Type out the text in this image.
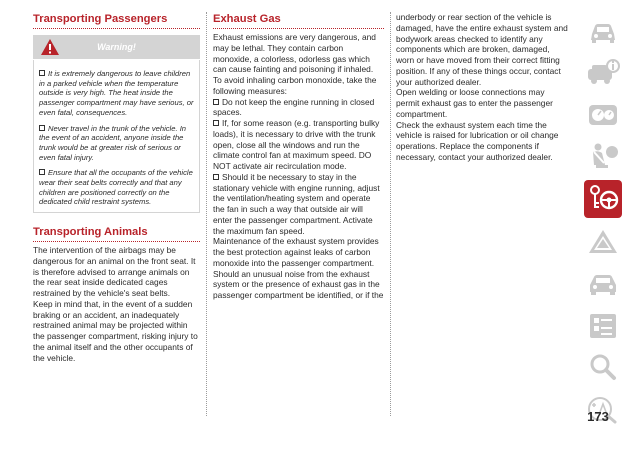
Transporting Passengers
Warning!
It is extremely dangerous to leave children in a parked vehicle when the temperature outside is very high. The heat inside the passenger compartment may have serious, or even fatal, consequences.
Never travel in the trunk of the vehicle. In the event of an accident, anyone inside the trunk would be at greater risk of serious or even fatal injury.
Ensure that all the occupants of the vehicle wear their seat belts correctly and that any children are positioned correctly on the dedicated child restraint systems.
Transporting Animals

The intervention of the airbags may be dangerous for an animal on the front seat. It is therefore advised to arrange animals on the rear seat inside dedicated cages restrained by the vehicle's seat belts.

Keep in mind that, in the event of a sudden braking or an accident, an inadequately restrained animal may be projected within the passenger compartment, risking injury to the animal itself and the other occupants of the vehicle.

Exhaust Gas

Exhaust emissions are very dangerous, and may be lethal. They contain carbon monoxide, a colorless, odorless gas which can cause fainting and poisoning if inhaled.

To avoid inhaling carbon monoxide, take the following measures:

Do not keep the engine running in closed spaces.

If, for some reason (e.g. transporting bulky loads), it is necessary to drive with the trunk open, close all the windows and run the climate control fan at maximum speed. DO NOT activate air recirculation mode.

Should it be necessary to stay in the stationary vehicle with engine running, adjust the ventilation/heating system and operate the fan in such a way that outside air will enter the passenger compartment. Activate the maximum fan speed.

Maintenance of the exhaust system provides the best protection against leaks of carbon monoxide into the passenger compartment.

Should an unusual noise from the exhaust system or the presence of exhaust gas in the passenger compartment be identified, or if the

underbody or rear section of the vehicle is damaged, have the entire exhaust system and bodywork areas checked to identify any components which are broken, damaged, worn or have moved from their correct fitting position. If any of these things occur, contact your authorized dealer.

Open welding or loose connections may permit exhaust gas to enter the passenger compartment.

Check the exhaust system each time the vehicle is raised for lubrication or oil change operations. Replace the components if necessary, contact your authorized dealer.

173
